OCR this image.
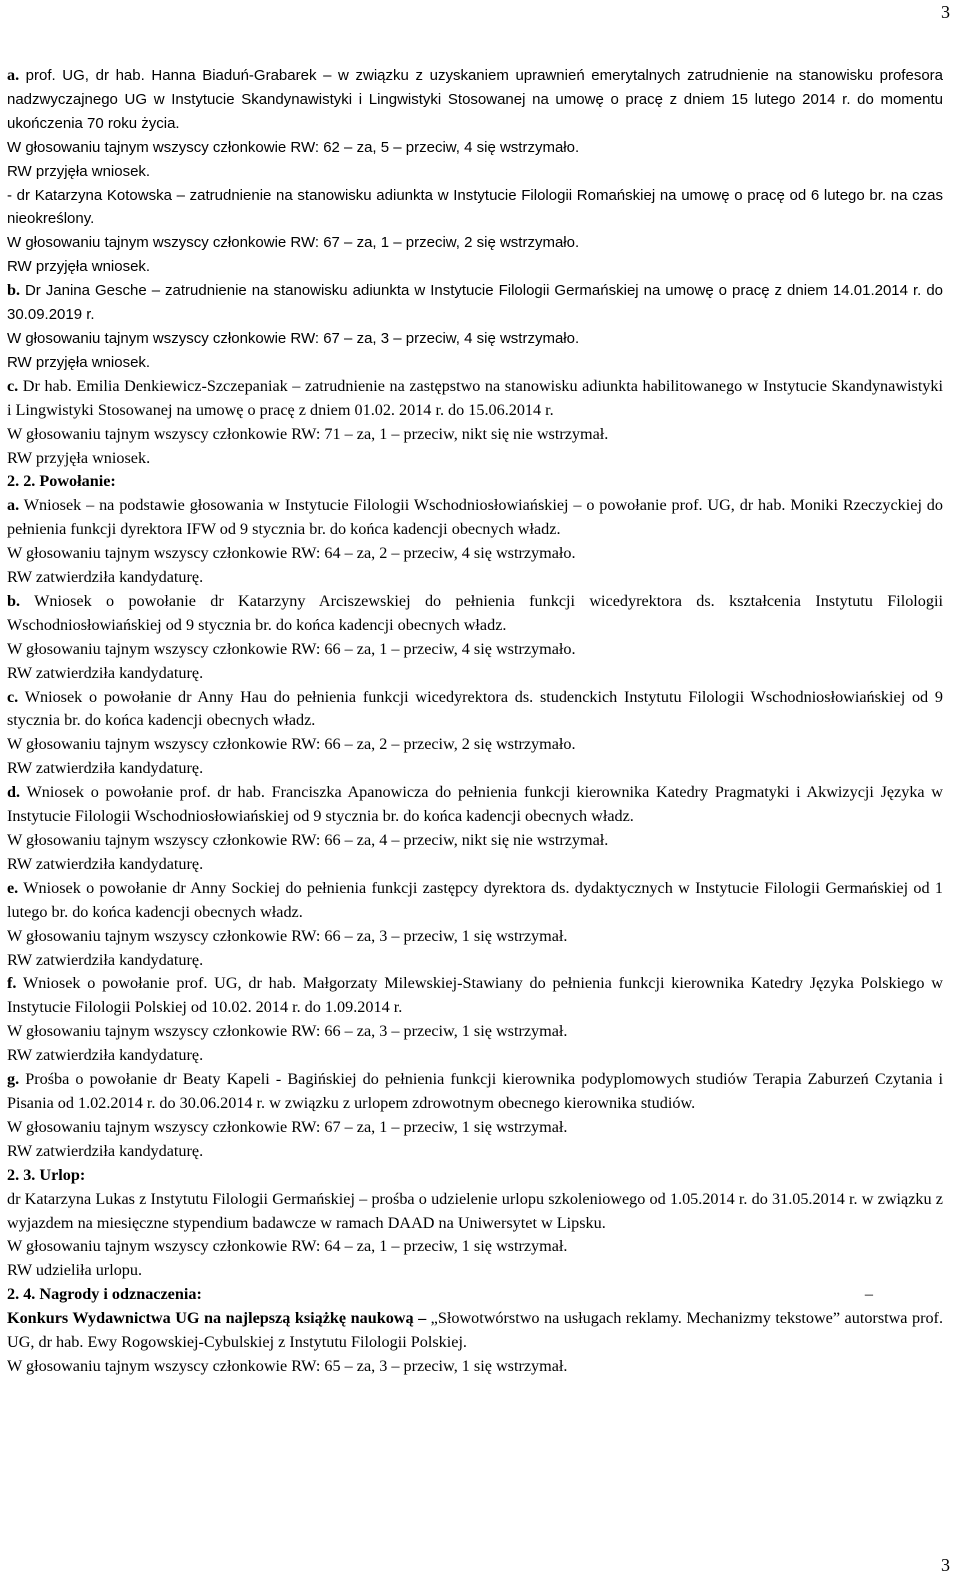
3

a. prof. UG, dr hab. Hanna Biaduń-Grabarek – w związku z uzyskaniem uprawnień emerytalnych zatrudnienie na stanowisku profesora nadzwyczajnego UG w Instytucie Skandynawistyki i Lingwistyki Stosowanej na umowę o pracę z dniem 15 lutego 2014 r. do momentu ukończenia 70 roku życia.

W głosowaniu tajnym wszyscy członkowie RW: 62 – za, 5 – przeciw, 4 się wstrzymało.

RW przyjęła wniosek.

- dr Katarzyna Kotowska – zatrudnienie na stanowisku adiunkta w Instytucie Filologii Romańskiej na umowę o pracę od 6 lutego br. na czas nieokreślony.

W głosowaniu tajnym wszyscy członkowie RW: 67 – za, 1 – przeciw, 2 się wstrzymało.

RW przyjęła wniosek.

b. Dr Janina Gesche – zatrudnienie na stanowisku adiunkta w Instytucie Filologii Germańskiej na umowę o pracę z dniem 14.01.2014 r. do 30.09.2019 r.

W głosowaniu tajnym wszyscy członkowie RW: 67 – za, 3 – przeciw, 4 się wstrzymało.

RW przyjęła wniosek.

c. Dr hab. Emilia Denkiewicz-Szczepaniak – zatrudnienie na zastępstwo na stanowisku adiunkta habilitowanego w Instytucie Skandynawistyki i Lingwistyki Stosowanej na umowę o pracę z dniem 01.02. 2014 r. do 15.06.2014 r.

W głosowaniu tajnym wszyscy członkowie RW: 71 – za, 1 – przeciw, nikt się nie wstrzymał.

RW przyjęła wniosek.

2. 2. Powołanie:

a. Wniosek – na podstawie głosowania w Instytucie Filologii Wschodniosłowiańskiej – o powołanie prof. UG, dr hab. Moniki Rzeczyckiej do pełnienia funkcji dyrektora IFW od 9 stycznia br. do końca kadencji obecnych władz.

W głosowaniu tajnym wszyscy członkowie RW: 64 – za, 2 – przeciw, 4 się wstrzymało.

RW zatwierdziła kandydaturę.

b. Wniosek o powołanie dr Katarzyny Arciszewskiej do pełnienia funkcji wicedyrektora ds. kształcenia Instytutu Filologii Wschodniosłowiańskiej od 9 stycznia br. do końca kadencji obecnych władz.

W głosowaniu tajnym wszyscy członkowie RW: 66 – za, 1 – przeciw, 4 się wstrzymało.

RW zatwierdziła kandydaturę.

c. Wniosek o powołanie dr Anny Hau do pełnienia funkcji wicedyrektora ds. studenckich Instytutu Filologii Wschodniosłowiańskiej od 9 stycznia br. do końca kadencji obecnych władz.

W głosowaniu tajnym wszyscy członkowie RW: 66 – za, 2 – przeciw, 2 się wstrzymało.

RW zatwierdziła kandydaturę.

d. Wniosek o powołanie prof. dr hab. Franciszka Apanowicza do pełnienia funkcji kierownika Katedry Pragmatyki i Akwizycji Języka w Instytucie Filologii Wschodniosłowiańskiej od 9 stycznia br. do końca kadencji obecnych władz.

W głosowaniu tajnym wszyscy członkowie RW: 66 – za, 4 – przeciw, nikt się nie wstrzymał.

RW zatwierdziła kandydaturę.

e. Wniosek o powołanie dr Anny Sockiej do pełnienia funkcji zastępcy dyrektora ds. dydaktycznych w Instytucie Filologii Germańskiej od 1 lutego br. do końca kadencji obecnych władz.

W głosowaniu tajnym wszyscy członkowie RW: 66 – za, 3 – przeciw, 1 się wstrzymał.

RW zatwierdziła kandydaturę.

f. Wniosek o powołanie prof. UG, dr hab. Małgorzaty Milewskiej-Stawiany do pełnienia funkcji kierownika Katedry Języka Polskiego w Instytucie Filologii Polskiej od 10.02. 2014 r. do 1.09.2014 r.

W głosowaniu tajnym wszyscy członkowie RW: 66 – za, 3 – przeciw, 1 się wstrzymał.

RW zatwierdziła kandydaturę.

g. Prośba o powołanie dr Beaty Kapeli - Bagińskiej do pełnienia funkcji kierownika podyplomowych studiów Terapia Zaburzeń Czytania i Pisania od 1.02.2014 r. do 30.06.2014 r. w związku z urlopem zdrowotnym obecnego kierownika studiów.

W głosowaniu tajnym wszyscy członkowie RW: 67 – za, 1 – przeciw, 1 się wstrzymał.

RW zatwierdziła kandydaturę.

2. 3. Urlop:

dr Katarzyna Lukas z Instytutu Filologii Germańskiej – prośba o udzielenie urlopu szkoleniowego od 1.05.2014 r. do 31.05.2014 r. w związku z wyjazdem na miesięczne stypendium badawcze w ramach DAAD na Uniwersytet w Lipsku.

W głosowaniu tajnym wszyscy członkowie RW: 64 – za, 1 – przeciw, 1 się wstrzymał.

RW udzieliła urlopu.

2. 4. Nagrody i odznaczenia:	–

Konkurs Wydawnictwa UG na najlepszą książkę naukową – „Słowotwórstwo na usługach reklamy. Mechanizmy tekstowe” autorstwa prof. UG, dr hab. Ewy Rogowskiej-Cybulskiej z Instytutu Filologii Polskiej.

W głosowaniu tajnym wszyscy członkowie RW: 65 – za, 3 – przeciw, 1 się wstrzymał.

3
